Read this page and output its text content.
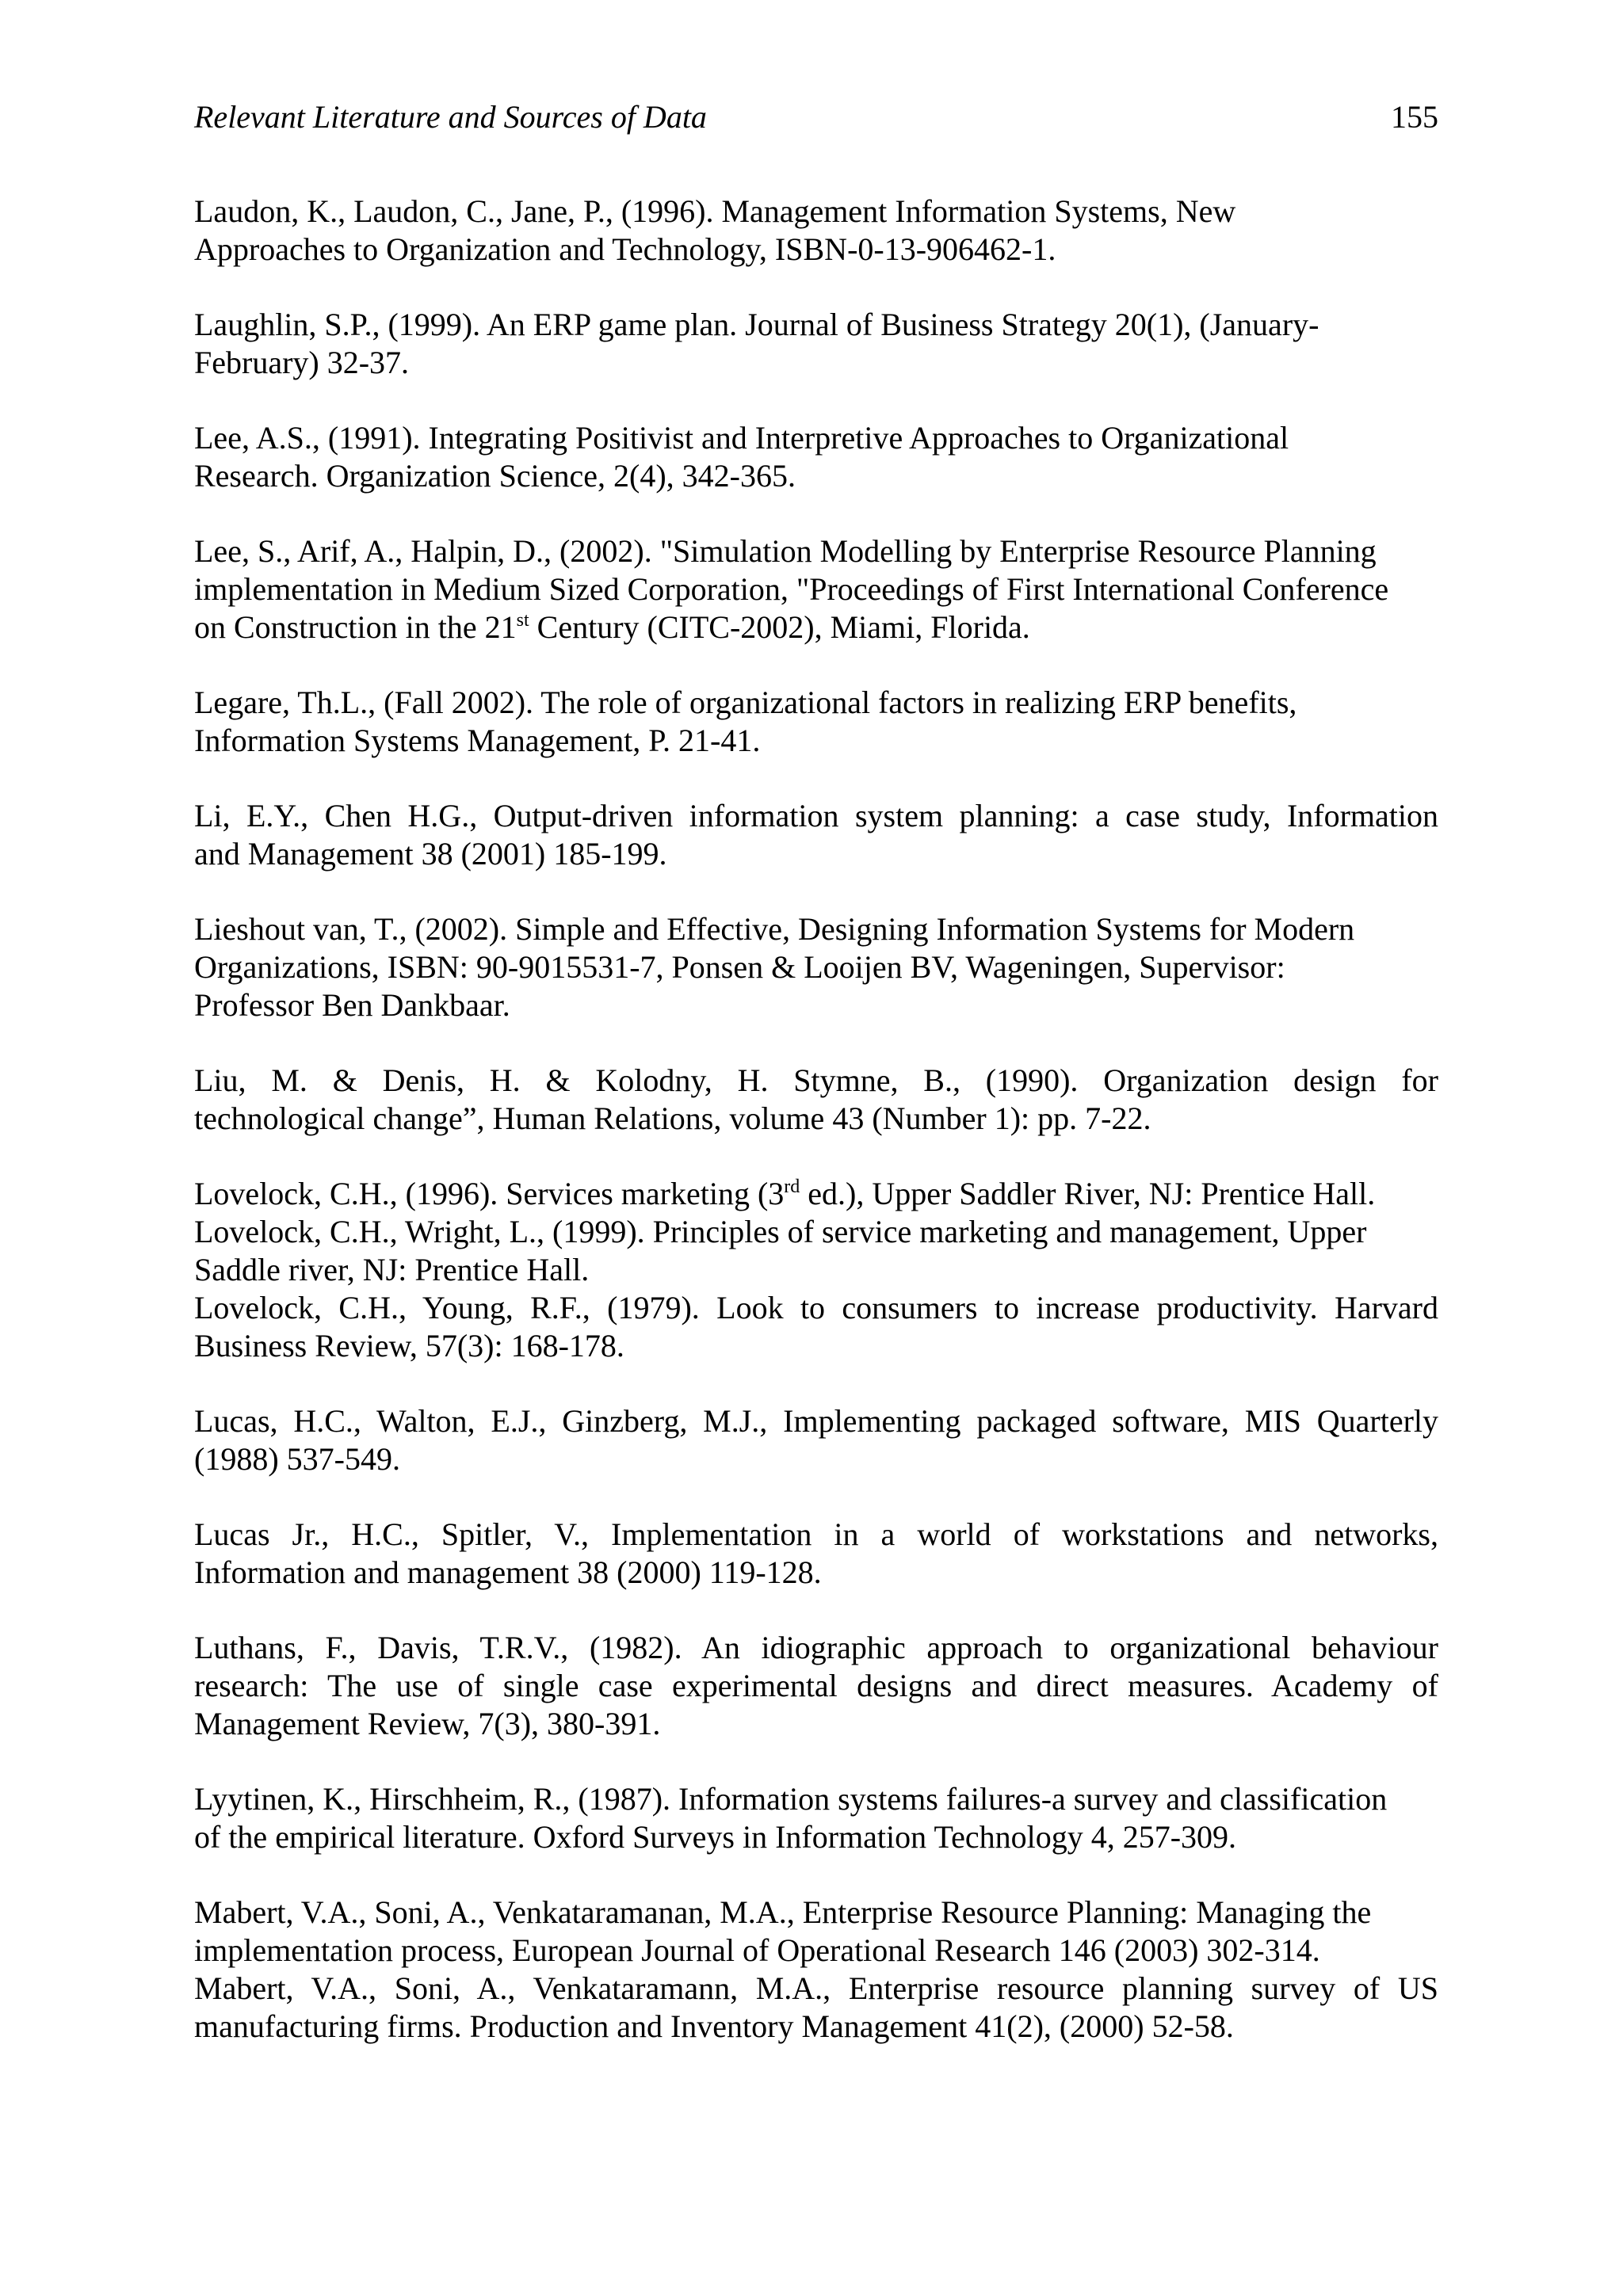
Relevant Literature and Sources of Data	155
Laudon, K., Laudon, C., Jane, P., (1996). Management Information Systems, New
Approaches to Organization and Technology, ISBN-0-13-906462-1.
Laughlin, S.P., (1999). An ERP game plan. Journal of Business Strategy 20(1), (January-
February) 32-37.
Lee, A.S., (1991). Integrating Positivist and Interpretive Approaches to Organizational
Research. Organization Science, 2(4), 342-365.
Lee, S., Arif, A., Halpin, D., (2002). "Simulation Modelling by Enterprise Resource Planning
implementation in Medium Sized Corporation, "Proceedings of First International Conference
on Construction in the 21st Century (CITC-2002), Miami, Florida.
Legare, Th.L., (Fall 2002). The role of organizational factors in realizing ERP benefits,
Information Systems Management, P. 21-41.
Li, E.Y., Chen H.G., Output-driven information system planning: a case study, Information
and Management 38 (2001) 185-199.
Lieshout van, T., (2002). Simple and Effective, Designing Information Systems for Modern
Organizations, ISBN: 90-9015531-7, Ponsen & Looijen BV, Wageningen, Supervisor:
Professor Ben Dankbaar.
Liu, M. & Denis, H. & Kolodny, H. Stymne, B., (1990). Organization design for
technological change”, Human Relations, volume 43 (Number 1): pp. 7-22.
Lovelock, C.H., (1996). Services marketing (3rd ed.), Upper Saddler River, NJ: Prentice Hall.
Lovelock, C.H., Wright, L., (1999). Principles of service marketing and management, Upper
Saddle river, NJ: Prentice Hall.
Lovelock, C.H., Young, R.F., (1979). Look to consumers to increase productivity. Harvard
Business Review, 57(3): 168-178.
Lucas, H.C., Walton, E.J., Ginzberg, M.J., Implementing packaged software, MIS Quarterly
(1988) 537-549.
Lucas Jr., H.C., Spitler, V., Implementation in a world of workstations and networks,
Information and management 38 (2000) 119-128.
Luthans, F., Davis, T.R.V., (1982). An idiographic approach to organizational behaviour
research: The use of single case experimental designs and direct measures. Academy of
Management Review, 7(3), 380-391.
Lyytinen, K., Hirschheim, R., (1987). Information systems failures-a survey and classification
of the empirical literature. Oxford Surveys in Information Technology 4, 257-309.
Mabert, V.A., Soni, A., Venkataramanan, M.A., Enterprise Resource Planning: Managing the
implementation process, European Journal of Operational Research 146 (2003) 302-314.
Mabert, V.A., Soni, A., Venkataramann, M.A., Enterprise resource planning survey of US
manufacturing firms. Production and Inventory Management 41(2), (2000) 52-58.
